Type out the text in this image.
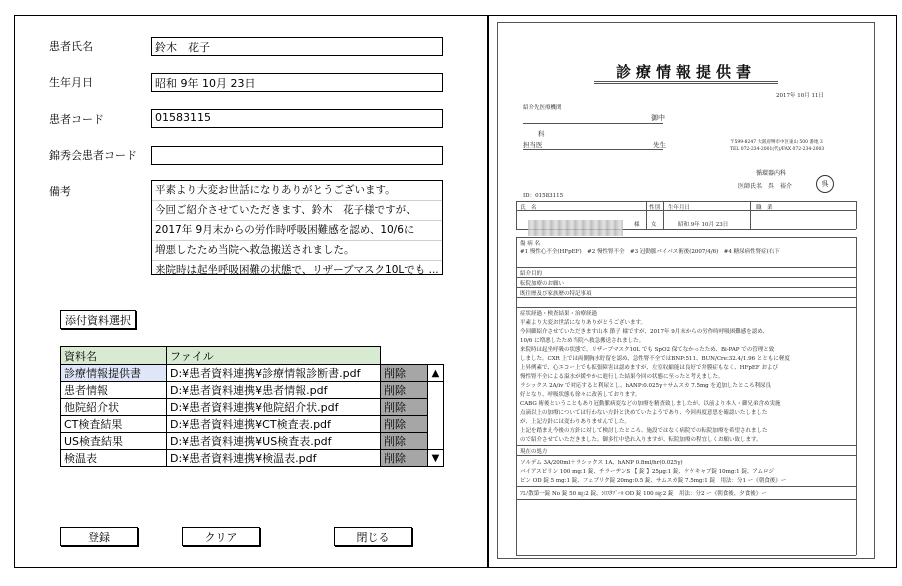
患者氏名	鈴木　花子
生年月日	昭和 9年 10月 23日
患者コード	01583115
錦秀会患者コード
備考	平素より大変お世話になりありがとうございます。
今回ご紹介させていただきます、鈴木　花子様ですが、
2017年 9月末からの労作時呼吸困難感を認め、10/6に
増悪したため当院へ救急搬送されました。
来院時は起坐呼吸困難の状態で、リザーブマスク10Lでも ...
添付資料選択
資料名	ファイル		
診療情報提供書	D:¥患者資料連携¥診療情報診断書.pdf	削除	▲
患者情報	D:¥患者資料連携¥患者情報.pdf	削除	
他院紹介状	D:¥患者資料連携¥他院紹介状.pdf	削除	
CT検査結果	D:¥患者資料連携¥CT検査表.pdf	削除	
US検査結果	D:¥患者資料連携¥US検査表.pdf	削除	
検温表	D:¥患者資料連携¥検温表.pdf	削除	▼
登録	クリア	閉じる
診療情報提供書
2017年 10月 11日
紹介先医療機関
御中
科
担当医	先生	〒599-8247 大阪府堺市中区東山 500 番地 3
TEL 072-234-2001(代)/FAX 072-234-2003
循環器内科
医師氏名　呉　裕介	呉
ID：01583115
氏　名	性別 生年月日	職　業
様 女	昭和 9年 10月 23日
傷 病 名
#1 慢性心不全(HFpEF)　#2 慢性腎不全　#3 冠動脈バイパス術後(2007/4/6)　#4 糖尿病性腎症(右下
紹介目的
転院加療のお願い
既往歴及び家族歴の特記事項
症状経過・検査結果・治療経過
平素より大変お世話になりありがとうございます。
今回御紹介させていただきます山本 節子 様ですが、2017年 9月末からの労作時呼吸困難感を認め、
10/6 に増悪したため当院へ救急搬送されました。
来院時は起坐呼吸の状態で、リザーブマスク10L でも SpO2 保てなかったため、Bi-PAP での管理と致
しました。CXR 上では両側胸水貯留を認め、急性腎不全ではBNP:511、BUN/Cre:32.4/1.96 とともに軽度
上昇例素で、心エコー上でも拡張障害は認めますが、左室収縮能は良好で弁膜症もなく、HFpEF および
慢性腎不全による溢水が緩やかに進行した結果今回の状態に至ったと考えました。
ラシックス 2A/iv で対応すると利尿とし、hANP:0.025γ＋サムスカ 7.5mg を追加したところ利尿良
好となり、呼吸状態も徐々に改善しております。
CABG 術後ということもあり冠動脈病変などの加療を精査致しましたが、以前より本人・御兄弟含め実施
点滴以上の加療については行わない方針と決めていたようであり、今回再度意思を確認いたしました
が、上記方針には変わりありませんでした。
上記を踏まえ今後の方針に対して検討したところ、施設ではなく病院での転院加療を希望されました
ので紹介させていただきました。御多忙中恐れ入りますが、転院加療の程宜しくお願い致します。
現在の処方
ソルデム 3A/200ml＋ラシックス 1A、hANP 0.8ml/hr(0.025γ)
バイアスピリン 100 mg:1 錠、チラーヂンS 【 錠 】25μg:1 錠、ケケキャブ錠 10mg:1 錠、アムロジ
ピン OD 錠 5 mg:1 錠、フェブリク錠 20mg:0.5 錠、サムスカ錠 7.5mg:1 錠　用法：分1 ー《朝食後》ー
ﾌｴﾉ散第一錠 No 錠 50 ㎎:2 錠、ｼﾛｽﾀｿﾞｰﾙ OD 錠 100 ㎎:2 錠　用法：分2 ー《朝食後、夕食後》ー
